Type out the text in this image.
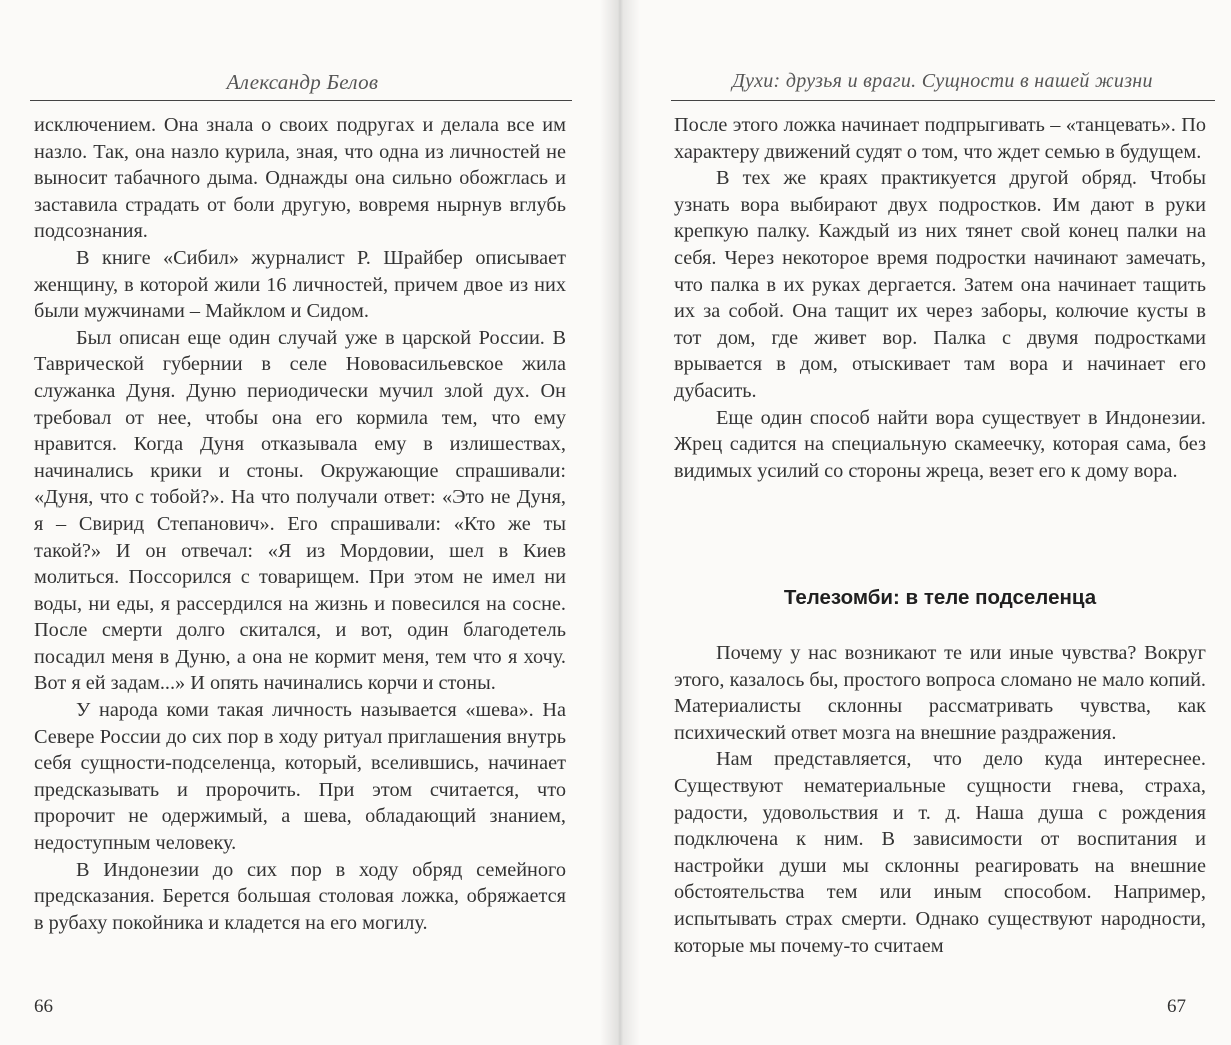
Александр Белов

исключением. Она знала о своих подругах и делала все им назло. Так, она назло курила, зная, что одна из личностей не выносит табачного дыма. Однажды она сильно обожглась и заставила страдать от боли другую, вовремя нырнув вглубь подсознания.

В книге «Сибил» журналист Р. Шрайбер описывает женщину, в которой жили 16 личностей, причем двое из них были мужчинами – Майклом и Сидом.

Был описан еще один случай уже в царской России. В Таврической губернии в селе Нововасильевское жила служанка Дуня. Дуню периодически мучил злой дух. Он требовал от нее, чтобы она его кормила тем, что ему нравится. Когда Дуня отказывала ему в излишествах, начинались крики и стоны. Окружающие спрашивали: «Дуня, что с тобой?». На что получали ответ: «Это не Дуня, я – Свирид Степанович». Его спрашивали: «Кто же ты такой?» И он отвечал: «Я из Мордовии, шел в Киев молиться. Поссорился с товарищем. При этом не имел ни воды, ни еды, я рассердился на жизнь и повесился на сосне. После смерти долго скитался, и вот, один благодетель посадил меня в Дуню, а она не кормит меня, тем что я хочу. Вот я ей задам...» И опять начинались корчи и стоны.

У народа коми такая личность называется «шева». На Севере России до сих пор в ходу ритуал приглашения внутрь себя сущности-подселенца, который, вселившись, начинает предсказывать и пророчить. При этом считается, что пророчит не одержимый, а шева, обладающий знанием, недоступным человеку.

В Индонезии до сих пор в ходу обряд семейного предсказания. Берется большая столовая ложка, обряжается в рубаху покойника и кладется на его могилу.

66
Духи: друзья и враги. Сущности в нашей жизни

После этого ложка начинает подпрыгивать – «танцевать». По характеру движений судят о том, что ждет семью в будущем.

В тех же краях практикуется другой обряд. Чтобы узнать вора выбирают двух подростков. Им дают в руки крепкую палку. Каждый из них тянет свой конец палки на себя. Через некоторое время подростки начинают замечать, что палка в их руках дергается. Затем она начинает тащить их за собой. Она тащит их через заборы, колючие кусты в тот дом, где живет вор. Палка с двумя подростками врывается в дом, отыскивает там вора и начинает его дубасить.

Еще один способ найти вора существует в Индонезии. Жрец садится на специальную скамеечку, которая сама, без видимых усилий со стороны жреца, везет его к дому вора.

Телезомби: в теле подселенца

Почему у нас возникают те или иные чувства? Вокруг этого, казалось бы, простого вопроса сломано не мало копий. Материалисты склонны рассматривать чувства, как психический ответ мозга на внешние раздражения.

Нам представляется, что дело куда интереснее. Существуют нематериальные сущности гнева, страха, радости, удовольствия и т. д. Наша душа с рождения подключена к ним. В зависимости от воспитания и настройки души мы склонны реагировать на внешние обстоятельства тем или иным способом. Например, испытывать страх смерти. Однако существуют народности, которые мы почему-то считаем

67
